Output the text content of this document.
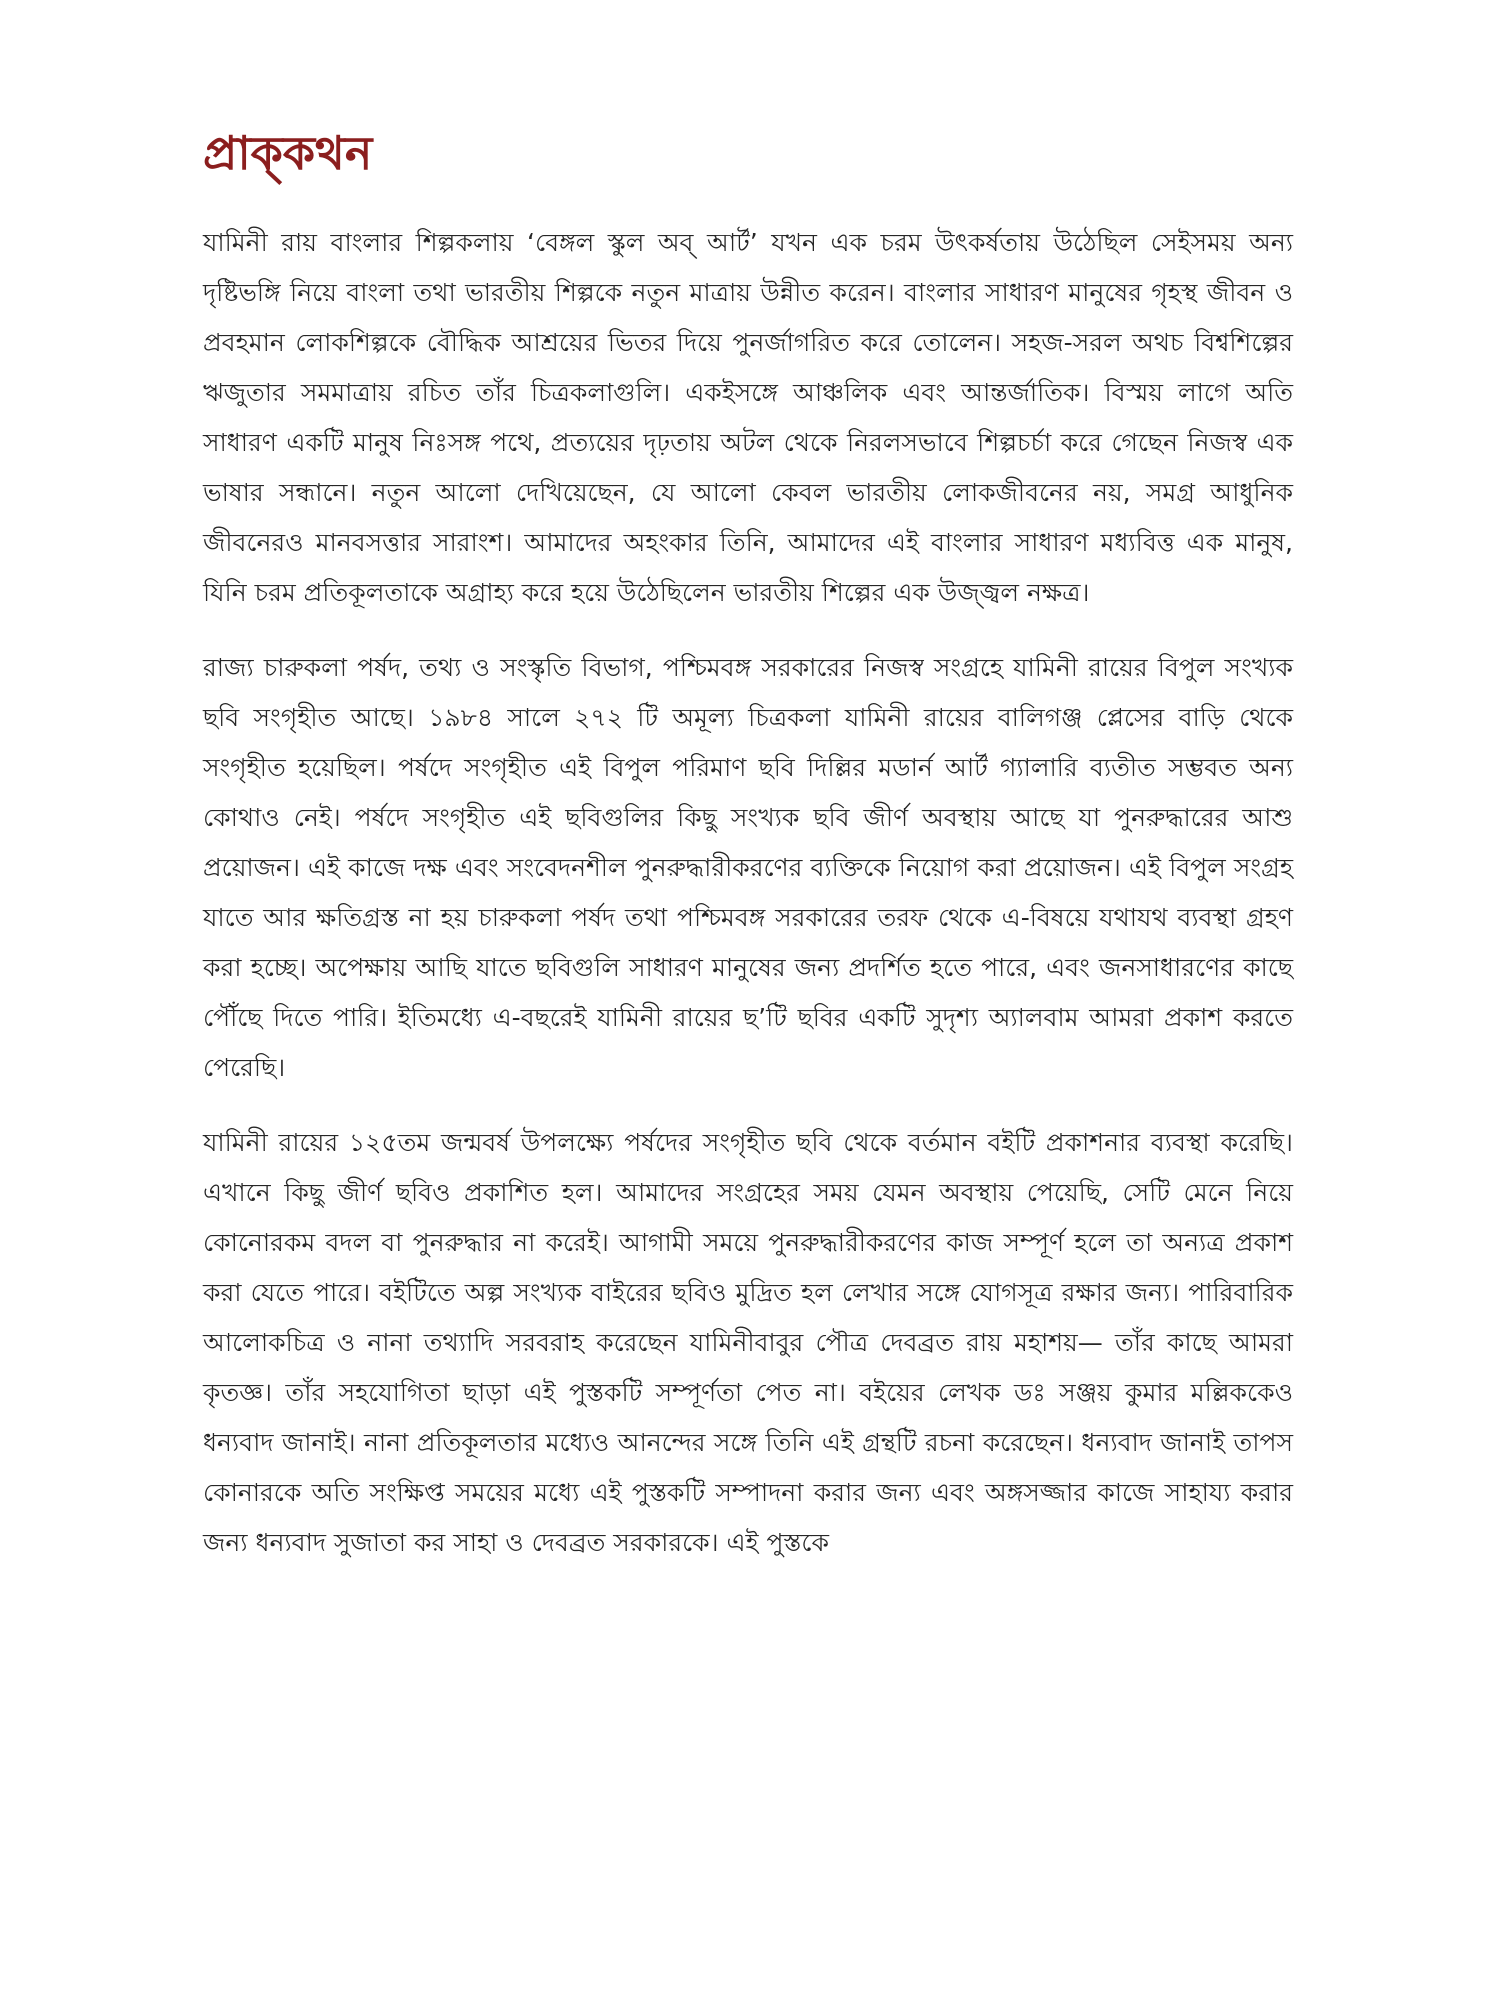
প্রাক্‌কথন

যামিনী রায় বাংলার শিল্পকলায় ‘বেঙ্গল স্কুল অব্‌ আর্ট’ যখন এক চরম উৎকর্ষতায় উঠেছিল সেইসময় অন্য দৃষ্টিভঙ্গি নিয়ে বাংলা তথা ভারতীয় শিল্পকে নতুন মাত্রায় উন্নীত করেন। বাংলার সাধারণ মানুষের গৃহস্থ জীবন ও প্রবহমান লোকশিল্পকে বৌদ্ধিক আশ্রয়ের ভিতর দিয়ে পুনর্জাগরিত করে তোলেন। সহজ-সরল অথচ বিশ্বশিল্পের ঋজুতার সমমাত্রায় রচিত তাঁর চিত্রকলাগুলি। একইসঙ্গে আঞ্চলিক এবং আন্তর্জাতিক। বিস্ময় লাগে অতি সাধারণ একটি মানুষ নিঃসঙ্গ পথে, প্রত্যয়ের দৃঢ়তায় অটল থেকে নিরলসভাবে শিল্পচর্চা করে গেছেন নিজস্ব এক ভাষার সন্ধানে। নতুন আলো দেখিয়েছেন, যে আলো কেবল ভারতীয় লোকজীবনের নয়, সমগ্র আধুনিক জীবনেরও মানবসত্তার সারাংশ। আমাদের অহংকার তিনি, আমাদের এই বাংলার সাধারণ মধ্যবিত্ত এক মানুষ, যিনি চরম প্রতিকূলতাকে অগ্রাহ্য করে হয়ে উঠেছিলেন ভারতীয় শিল্পের এক উজ্জ্বল নক্ষত্র।

রাজ্য চারুকলা পর্ষদ, তথ্য ও সংস্কৃতি বিভাগ, পশ্চিমবঙ্গ সরকারের নিজস্ব সংগ্রহে যামিনী রায়ের বিপুল সংখ্যক ছবি সংগৃহীত আছে। ১৯৮৪ সালে ২৭২ টি অমূল্য চিত্রকলা যামিনী রায়ের বালিগঞ্জ প্লেসের বাড়ি থেকে সংগৃহীত হয়েছিল। পর্ষদে সংগৃহীত এই বিপুল পরিমাণ ছবি দিল্লির মডার্ন আর্ট গ্যালারি ব্যতীত সম্ভবত অন্য কোথাও নেই। পর্ষদে সংগৃহীত এই ছবিগুলির কিছু সংখ্যক ছবি জীর্ণ অবস্থায় আছে যা পুনরুদ্ধারের আশু প্রয়োজন। এই কাজে দক্ষ এবং সংবেদনশীল পুনরুদ্ধারীকরণের ব্যক্তিকে নিয়োগ করা প্রয়োজন। এই বিপুল সংগ্রহ যাতে আর ক্ষতিগ্রস্ত না হয় চারুকলা পর্ষদ তথা পশ্চিমবঙ্গ সরকারের তরফ থেকে এ-বিষয়ে যথাযথ ব্যবস্থা গ্রহণ করা হচ্ছে। অপেক্ষায় আছি যাতে ছবিগুলি সাধারণ মানুষের জন্য প্রদর্শিত হতে পারে, এবং জনসাধারণের কাছে পৌঁছে দিতে পারি। ইতিমধ্যে এ-বছরেই যামিনী রায়ের ছ’টি ছবির একটি সুদৃশ্য অ্যালবাম আমরা প্রকাশ করতে পেরেছি।

যামিনী রায়ের ১২৫তম জন্মবর্ষ উপলক্ষ্যে পর্ষদের সংগৃহীত ছবি থেকে বর্তমান বইটি প্রকাশনার ব্যবস্থা করেছি। এখানে কিছু জীর্ণ ছবিও প্রকাশিত হল। আমাদের সংগ্রহের সময় যেমন অবস্থায় পেয়েছি, সেটি মেনে নিয়ে কোনোরকম বদল বা পুনরুদ্ধার না করেই। আগামী সময়ে পুনরুদ্ধারীকরণের কাজ সম্পূর্ণ হলে তা অন্যত্র প্রকাশ করা যেতে পারে। বইটিতে অল্প সংখ্যক বাইরের ছবিও মুদ্রিত হল লেখার সঙ্গে যোগসূত্র রক্ষার জন্য। পারিবারিক আলোকচিত্র ও নানা তথ্যাদি সরবরাহ করেছেন যামিনীবাবুর পৌত্র দেবব্রত রায় মহাশয়— তাঁর কাছে আমরা কৃতজ্ঞ। তাঁর সহযোগিতা ছাড়া এই পুস্তকটি সম্পূর্ণতা পেত না। বইয়ের লেখক ডঃ সঞ্জয় কুমার মল্লিককেও ধন্যবাদ জানাই। নানা প্রতিকূলতার মধ্যেও আনন্দের সঙ্গে তিনি এই গ্রন্থটি রচনা করেছেন। ধন্যবাদ জানাই তাপস কোনারকে অতি সংক্ষিপ্ত সময়ের মধ্যে এই পুস্তকটি সম্পাদনা করার জন্য এবং অঙ্গসজ্জার কাজে সাহায্য করার জন্য ধন্যবাদ সুজাতা কর সাহা ও দেবব্রত সরকারকে। এই পুস্তকে
